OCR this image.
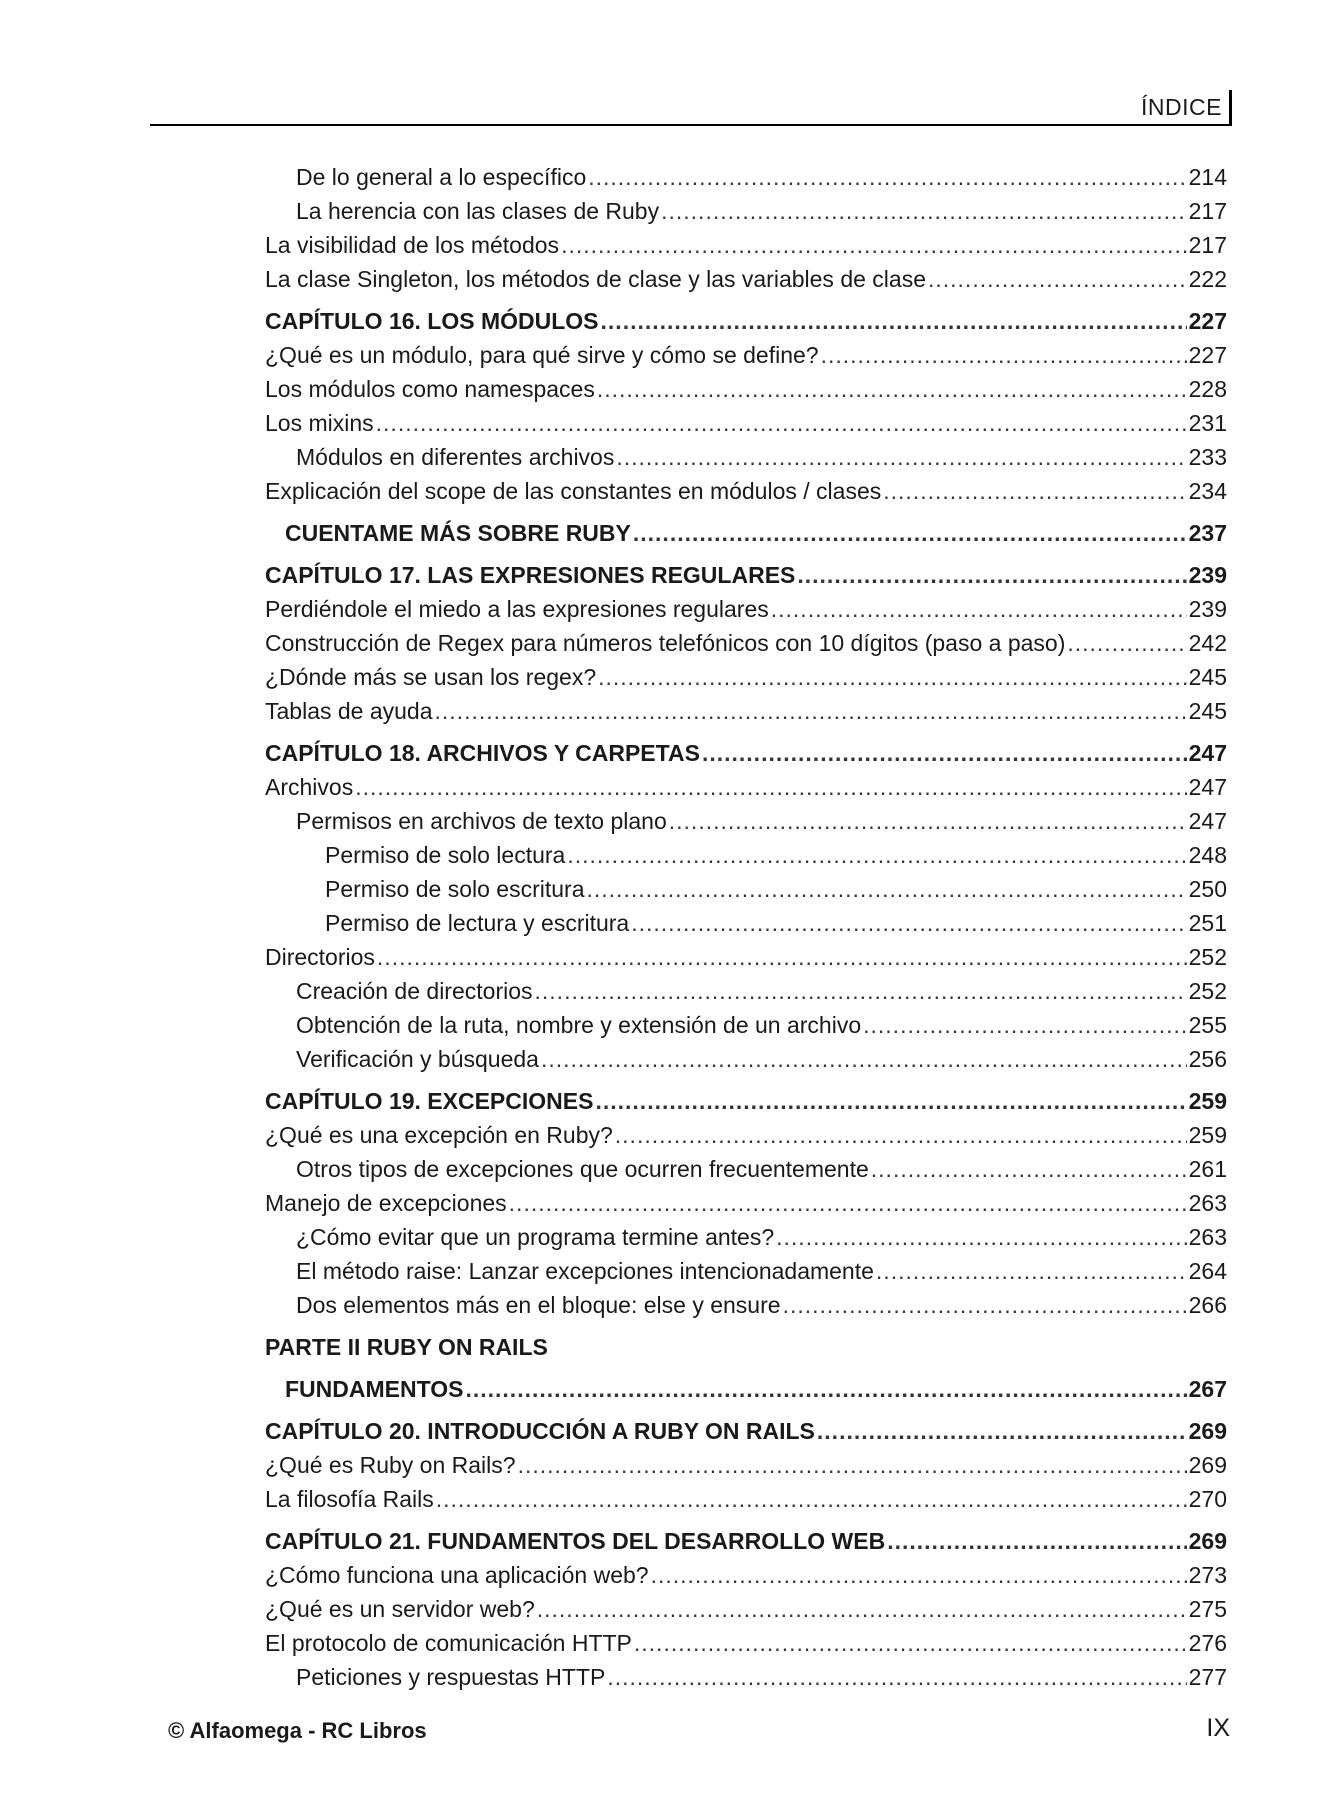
ÍNDICE
De lo general a lo específico .....	214
La herencia con las clases de Ruby .....	217
La visibilidad de los métodos .....	217
La clase Singleton, los métodos de clase y las variables de clase .....	222
CAPÍTULO 16. LOS MÓDULOS .....	227
¿Qué es un módulo, para qué sirve y cómo se define? .....	227
Los módulos como namespaces .....	228
Los mixins .....	231
Módulos en diferentes archivos .....	233
Explicación del scope de las constantes en módulos / clases .....	234
CUENTAME MÁS SOBRE RUBY .....	237
CAPÍTULO 17. LAS EXPRESIONES REGULARES .....	239
Perdiéndole el miedo a las expresiones regulares .....	239
Construcción de Regex para números telefónicos con 10 dígitos (paso a paso) .....	242
¿Dónde más se usan los regex? .....	245
Tablas de ayuda .....	245
CAPÍTULO 18. ARCHIVOS Y CARPETAS .....	247
Archivos .....	247
Permisos en archivos de texto plano .....	247
Permiso de solo lectura .....	248
Permiso de solo escritura .....	250
Permiso de lectura y escritura .....	251
Directorios .....	252
Creación de directorios .....	252
Obtención de la ruta, nombre y extensión de un archivo .....	255
Verificación y búsqueda .....	256
CAPÍTULO 19. EXCEPCIONES .....	259
¿Qué es una excepción en Ruby? .....	259
Otros tipos de excepciones que ocurren frecuentemente .....	261
Manejo de excepciones .....	263
¿Cómo evitar que un programa termine antes? .....	263
El método raise: Lanzar excepciones intencionadamente .....	264
Dos elementos más en el bloque: else y ensure .....	266
PARTE II RUBY ON RAILS
FUNDAMENTOS .....	267
CAPÍTULO 20. INTRODUCCIÓN A RUBY ON RAILS .....	269
¿Qué es Ruby on Rails? .....	269
La filosofía Rails .....	270
CAPÍTULO 21. FUNDAMENTOS DEL DESARROLLO WEB .....	269
¿Cómo funciona una aplicación web? .....	273
¿Qué es un servidor web? .....	275
El protocolo de comunicación HTTP .....	276
Peticiones y respuestas HTTP .....	277
© Alfaomega - RC Libros	IX
